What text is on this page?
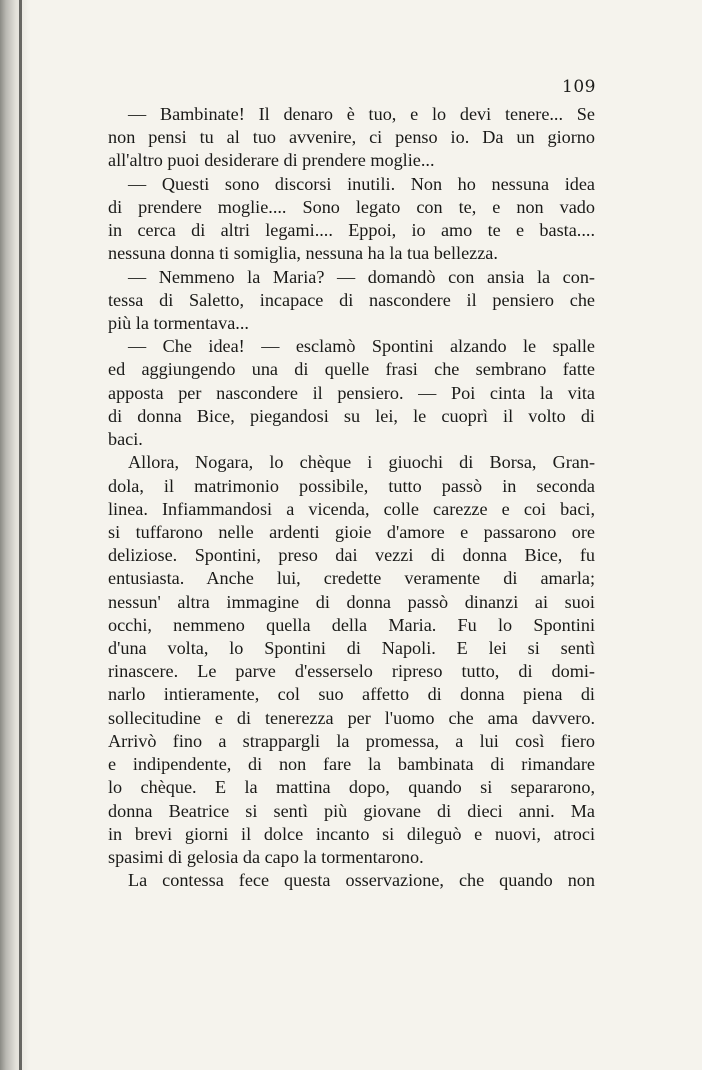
109
— Bambinate! Il denaro è tuo, e lo devi tenere... Se
non pensi tu al tuo avvenire, ci penso io. Da un giorno
all'altro puoi desiderare di prendere moglie...
— Questi sono discorsi inutili. Non ho nessuna idea
di prendere moglie.... Sono legato con te, e non vado
in cerca di altri legami.... Eppoi, io amo te e basta....
nessuna donna ti somiglia, nessuna ha la tua bellezza.
— Nemmeno la Maria? — domandò con ansia la con-
tessa di Saletto, incapace di nascondere il pensiero che
più la tormentava...
— Che idea! — esclamò Spontini alzando le spalle
ed aggiungendo una di quelle frasi che sembrano fatte
apposta per nascondere il pensiero. — Poi cinta la vita
di donna Bice, piegandosi su lei, le cuoprì il volto di
baci.
Allora, Nogara, lo chèque i giuochi di Borsa, Gran-
dola, il matrimonio possibile, tutto passò in seconda
linea. Infiammandosi a vicenda, colle carezze e coi baci,
si tuffarono nelle ardenti gioie d'amore e passarono ore
deliziose. Spontini, preso dai vezzi di donna Bice, fu
entusiasta. Anche lui, credette veramente di amarla;
nessun' altra immagine di donna passò dinanzi ai suoi
occhi, nemmeno quella della Maria. Fu lo Spontini
d'una volta, lo Spontini di Napoli. E lei si sentì
rinascere. Le parve d'esserselo ripreso tutto, di domi-
narlo intieramente, col suo affetto di donna piena di
sollecitudine e di tenerezza per l'uomo che ama davvero.
Arrivò fino a strappargli la promessa, a lui così fiero
e indipendente, di non fare la bambinata di rimandare
lo chèque. E la mattina dopo, quando si separarono,
donna Beatrice si sentì più giovane di dieci anni. Ma
in brevi giorni il dolce incanto si dileguò e nuovi, atroci
spasimi di gelosia da capo la tormentarono.
La contessa fece questa osservazione, che quando non
